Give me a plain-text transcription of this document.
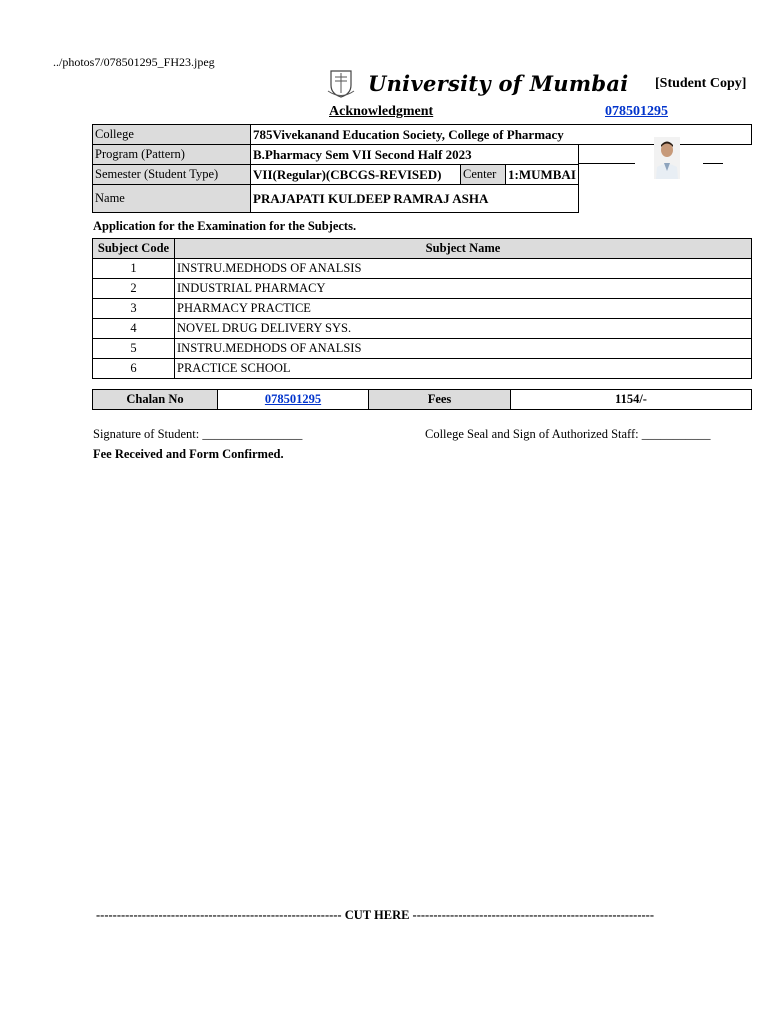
../photos7/078501295_FH23.jpeg
University of Mumbai [Student Copy]
Acknowledgment	078501295
College	785Vivekanand Education Society, College of Pharmacy			
Program (Pattern)	B.Pharmacy Sem VII Second Half 2023	

Semester (Student Type)	VII(Regular)(CBCGS-REVISED)	Center	1:MUMBAI	
Name	PRAJAPATI KULDEEP RAMRAJ ASHA			
Application for the Examination for the Subjects.
Subject Code	Subject Name
1	INSTRU.MEDHODS OF ANALSIS
2	INDUSTRIAL PHARMACY
3	PHARMACY PRACTICE
4	NOVEL DRUG DELIVERY SYS.
5	INSTRU.MEDHODS OF ANALSIS
6	PRACTICE SCHOOL
Chalan No	078501295	Fees	1154/-
Signature of Student: ________________	College Seal and Sign of Authorized Staff: ___________
Fee Received and Form Confirmed.
----------------------------------------------------------- CUT HERE ----------------------------------------------------------
